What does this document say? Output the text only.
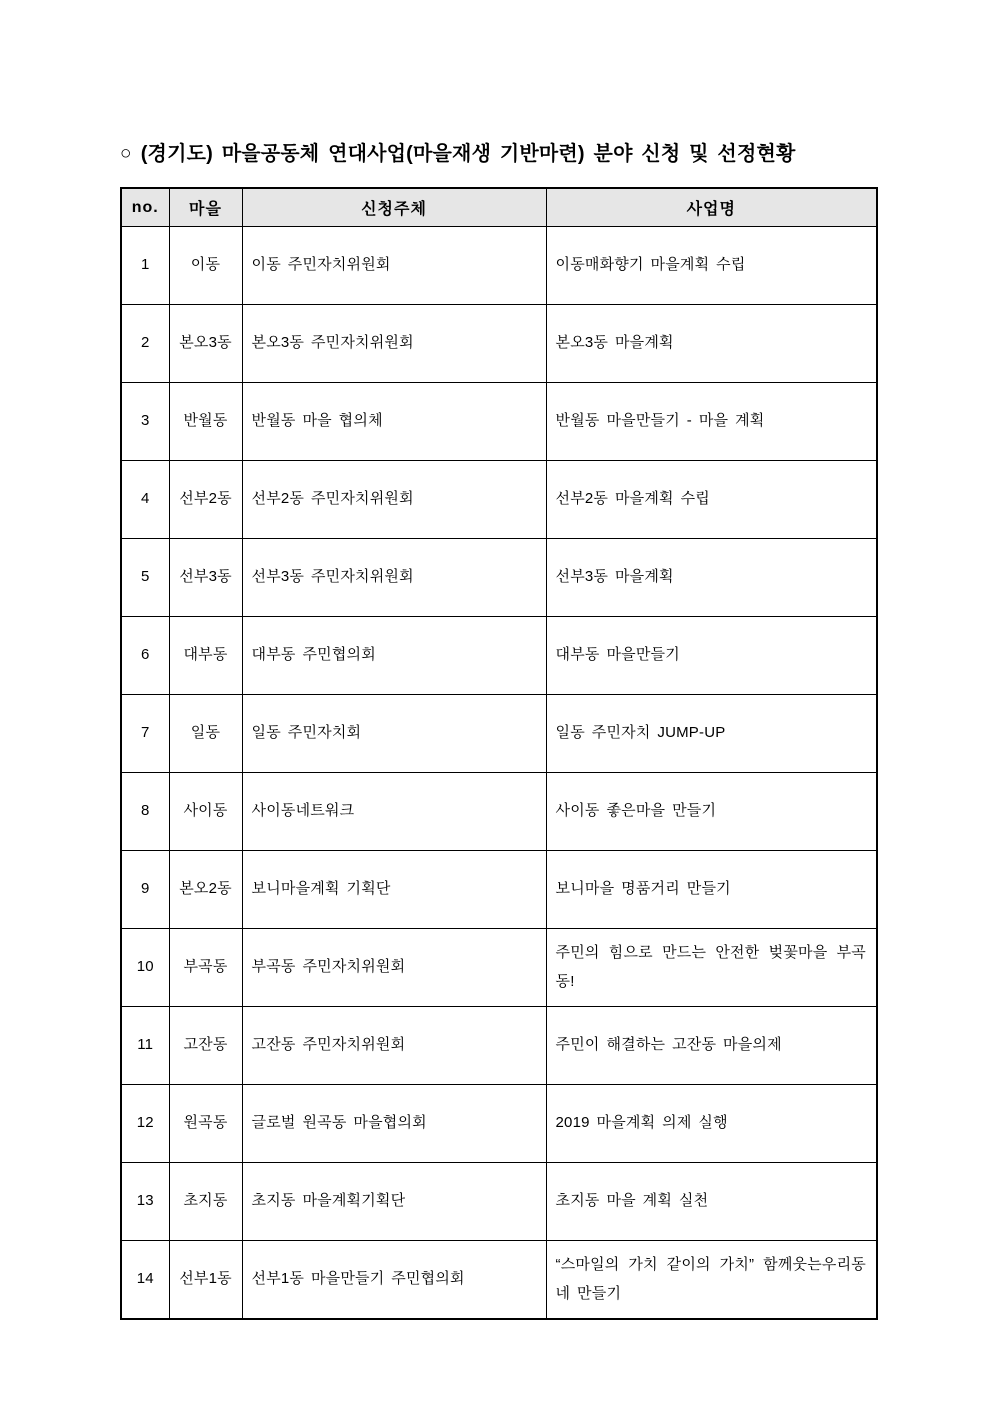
○ (경기도) 마을공동체 연대사업(마을재생 기반마련) 분야 신청 및 선정현황
no.	마을	신청주체	사업명
1	이동	이동 주민자치위원회	이동매화향기 마을계획 수립
2	본오3동	본오3동 주민자치위원회	본오3동 마을계획
3	반월동	반월동 마을 협의체	반월동 마을만들기 - 마을 계획
4	선부2동	선부2동 주민자치위원회	선부2동 마을계획 수립
5	선부3동	선부3동 주민자치위원회	선부3동 마을계획
6	대부동	대부동 주민협의회	대부동 마을만들기
7	일동	일동 주민자치회	일동 주민자치 JUMP-UP
8	사이동	사이동네트워크	사이동 좋은마을 만들기
9	본오2동	보니마을계획 기획단	보니마을 명품거리 만들기
10	부곡동	부곡동 주민자치위원회	주민의 힘으로 만드는 안전한 벚꽃마을 부곡동!
11	고잔동	고잔동 주민자치위원회	주민이 해결하는 고잔동 마을의제
12	원곡동	글로벌 원곡동 마을협의회	2019 마을계획 의제 실행
13	초지동	초지동 마을계획기획단	초지동 마을 계획 실천
14	선부1동	선부1동 마을만들기 주민협의회	“스마일의 가치 같이의 가치” 함께웃는우리동네 만들기
